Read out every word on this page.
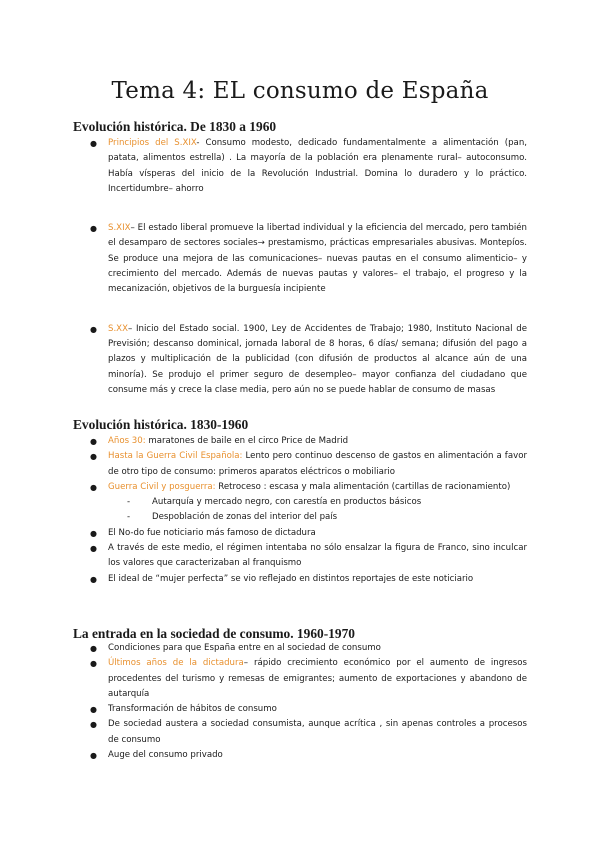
Tema 4: EL consumo de España
Evolución histórica. De 1830 a 1960
● Principios del S.XIX- Consumo modesto, dedicado fundamentalmente a alimentación (pan, patata, alimentos estrella) . La mayoría de la población era plenamente rural– autoconsumo. Había vísperas del inicio de la Revolución Industrial. Domina lo duradero y lo práctico. Incertidumbre– ahorro
● S.XIX– El estado liberal promueve la libertad individual y la eficiencia del mercado, pero también el desamparo de sectores sociales→ prestamismo, prácticas empresariales abusivas. Montepíos. Se produce una mejora de las comunicaciones– nuevas pautas en el consumo alimenticio– y crecimiento del mercado. Además de nuevas pautas y valores– el trabajo, el progreso y la mecanización, objetivos de la burguesía incipiente
● S.XX– Inicio del Estado social. 1900, Ley de Accidentes de Trabajo; 1980, Instituto Nacional de Previsión; descanso dominical, jornada laboral de 8 horas, 6 días/ semana; difusión del pago a plazos y multiplicación de la publicidad (con difusión de productos al alcance aún de una minoría). Se produjo el primer seguro de desempleo– mayor confianza del ciudadano que consume más y crece la clase media, pero aún no se puede hablar de consumo de masas
Evolución histórica. 1830-1960
● Años 30: maratones de baile en el circo Price de Madrid
● Hasta la Guerra Civil Española: Lento pero continuo descenso de gastos en alimentación a favor de otro tipo de consumo: primeros aparatos eléctricos o mobiliario
● Guerra Civil y posguerra: Retroceso : escasa y mala alimentación (cartillas de racionamiento)
-	Autarquía y mercado negro, con carestía en productos básicos
-	Despoblación de zonas del interior del país
● El No-do fue noticiario más famoso de dictadura
● A través de este medio, el régimen intentaba no sólo ensalzar la figura de Franco, sino inculcar los valores que caracterizaban al franquismo
● El ideal de “mujer perfecta” se vio reflejado en distintos reportajes de este noticiario
La entrada en la sociedad de consumo. 1960-1970
● Condiciones para que España entre en al sociedad de consumo
● Últimos años de la dictadura– rápido crecimiento económico por el aumento de ingresos procedentes del turismo y remesas de emigrantes; aumento de exportaciones y abandono de autarquía
● Transformación de hábitos de consumo
● De sociedad austera a sociedad consumista, aunque acrítica , sin apenas controles a procesos de consumo
● Auge del consumo privado
